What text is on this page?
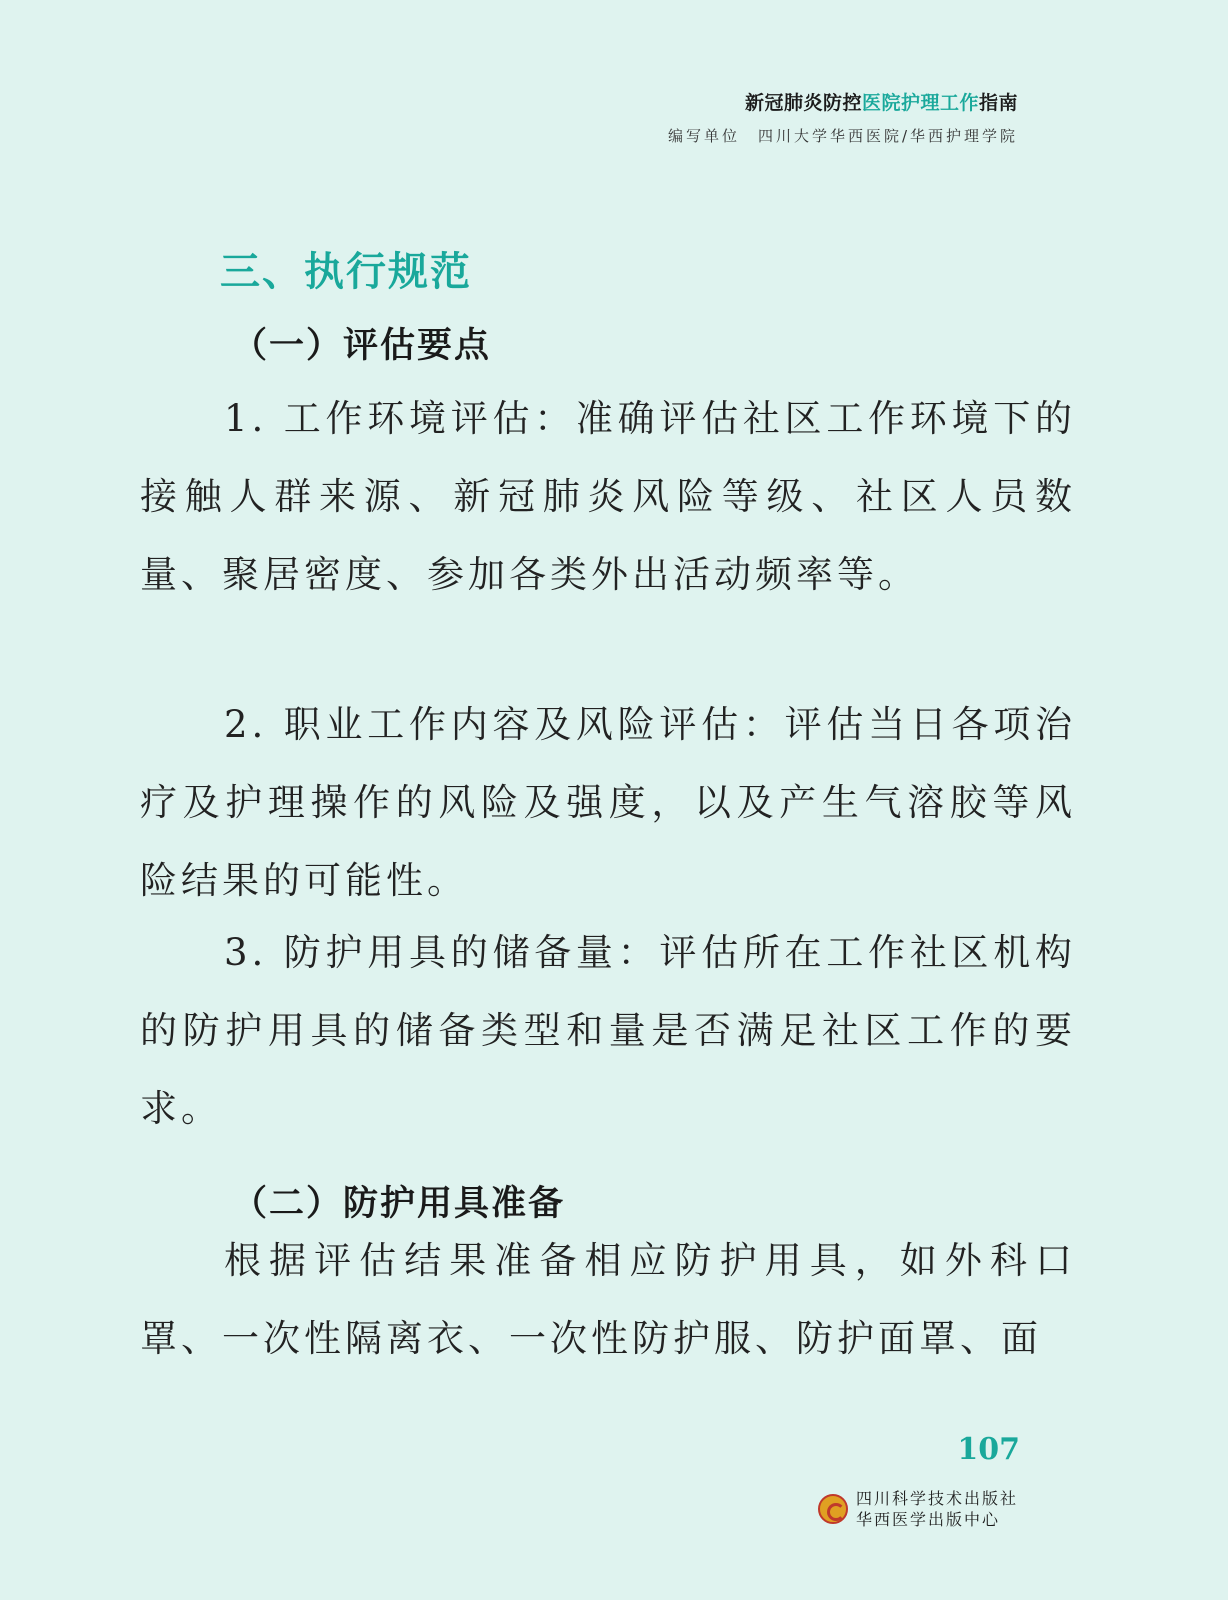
新冠肺炎防控医院护理工作指南
编写单位　四川大学华西医院/华西护理学院
三、执行规范
（一）评估要点
1. 工作环境评估：准确评估社区工作环境下的接触人群来源、新冠肺炎风险等级、社区人员数量、聚居密度、参加各类外出活动频率等。
2. 职业工作内容及风险评估：评估当日各项治疗及护理操作的风险及强度，以及产生气溶胶等风险结果的可能性。
3. 防护用具的储备量：评估所在工作社区机构的防护用具的储备类型和量是否满足社区工作的要求。
（二）防护用具准备
根据评估结果准备相应防护用具，如外科口罩、一次性隔离衣、一次性防护服、防护面罩、面
107
四川科学技术出版社
华西医学出版中心
